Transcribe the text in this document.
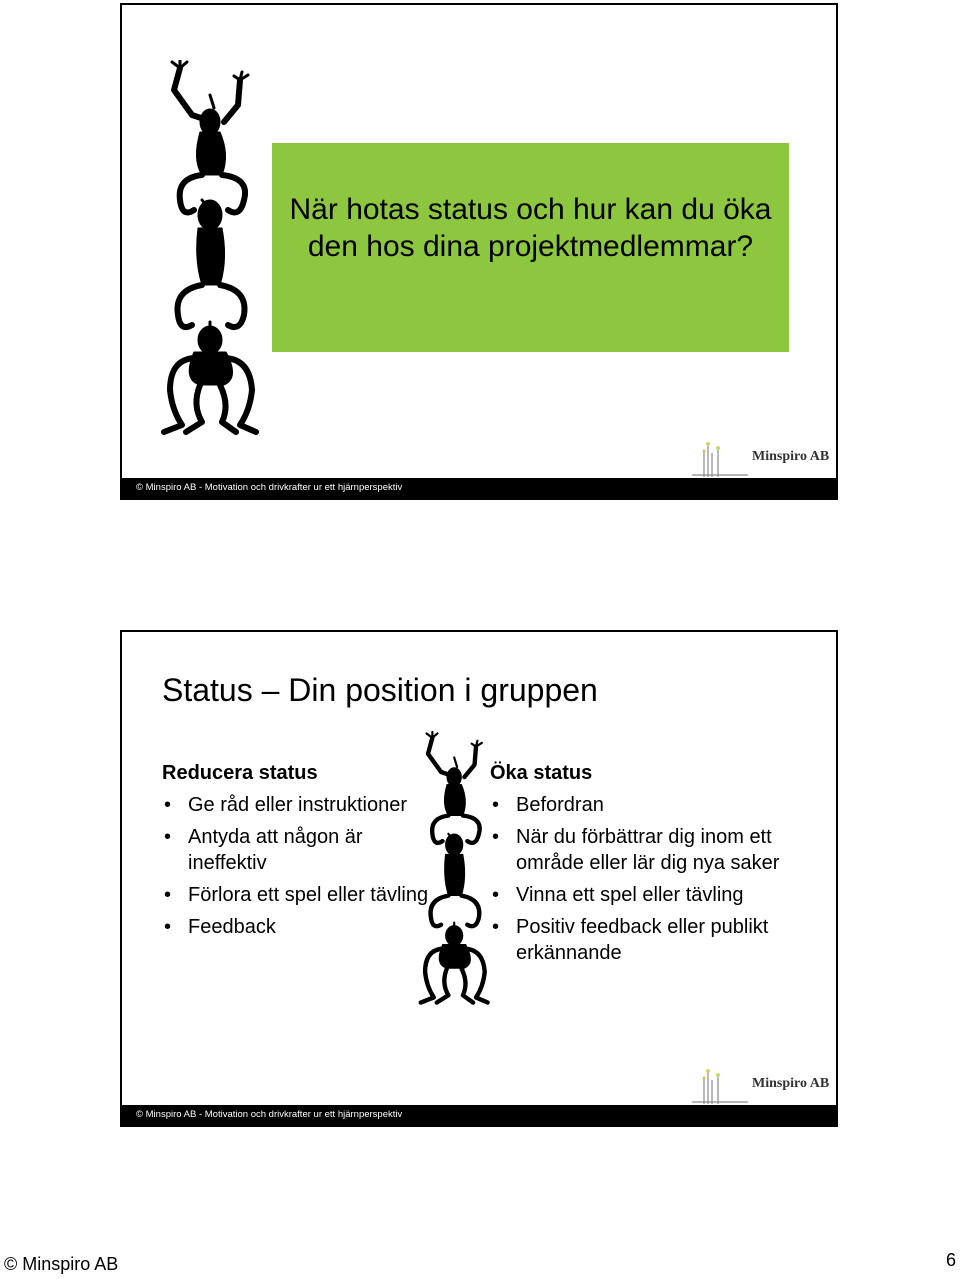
När hotas status och hur kan du öka den hos dina projektmedlemmar?
Minspiro AB
© Minspiro AB - Motivation och drivkrafter ur ett hjärnperspektiv
Status – Din position i gruppen
Reducera status
• Ge råd eller instruktioner
• Antyda att någon är ineffektiv
• Förlora ett spel eller tävling
• Feedback
Öka status
• Befordran
• När du förbättrar dig inom ett område eller lär dig nya saker
• Vinna ett spel eller tävling
• Positiv feedback eller publikt erkännande
Minspiro AB
© Minspiro AB - Motivation och drivkrafter ur ett hjärnperspektiv
© Minspiro AB	6
